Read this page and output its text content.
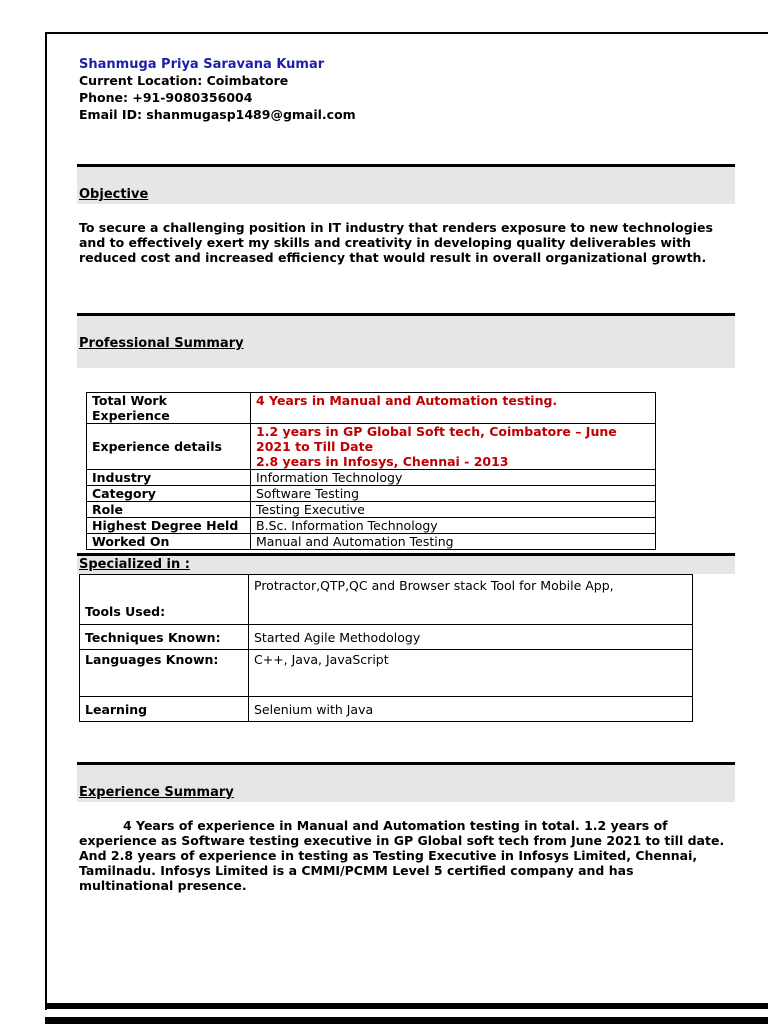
Shanmuga Priya Saravana Kumar
Current Location: Coimbatore
Phone: +91-9080356004
Email ID: shanmugasp1489@gmail.com
Objective
To secure a challenging position in IT industry that renders exposure to new technologies
and to effectively exert my skills and creativity in developing quality deliverables with
reduced cost and increased efficiency that would result in overall organizational growth.
Professional Summary
Total Work Experience	4 Years in Manual and Automation testing.
Experience details	1.2 years in GP Global Soft tech, Coimbatore – June
2021 to Till Date
2.8 years in Infosys, Chennai - 2013

Industry	Information Technology
Category	Software Testing
Role	Testing Executive
Highest Degree Held	B.Sc. Information Technology
Worked On	Manual and Automation Testing
Specialized in :
Tools Used:	Protractor,QTP,QC and Browser stack Tool for Mobile App,
Techniques Known:	Started Agile Methodology
Languages Known:	C++, Java, JavaScript
Learning	Selenium with Java
Experience Summary
4 Years of experience in Manual and Automation testing in total. 1.2 years of
experience as Software testing executive in GP Global soft tech from June 2021 to till date.
And 2.8 years of experience in testing as Testing Executive in Infosys Limited, Chennai,
Tamilnadu. Infosys Limited is a CMMI/PCMM Level 5 certified company and has
multinational presence.
